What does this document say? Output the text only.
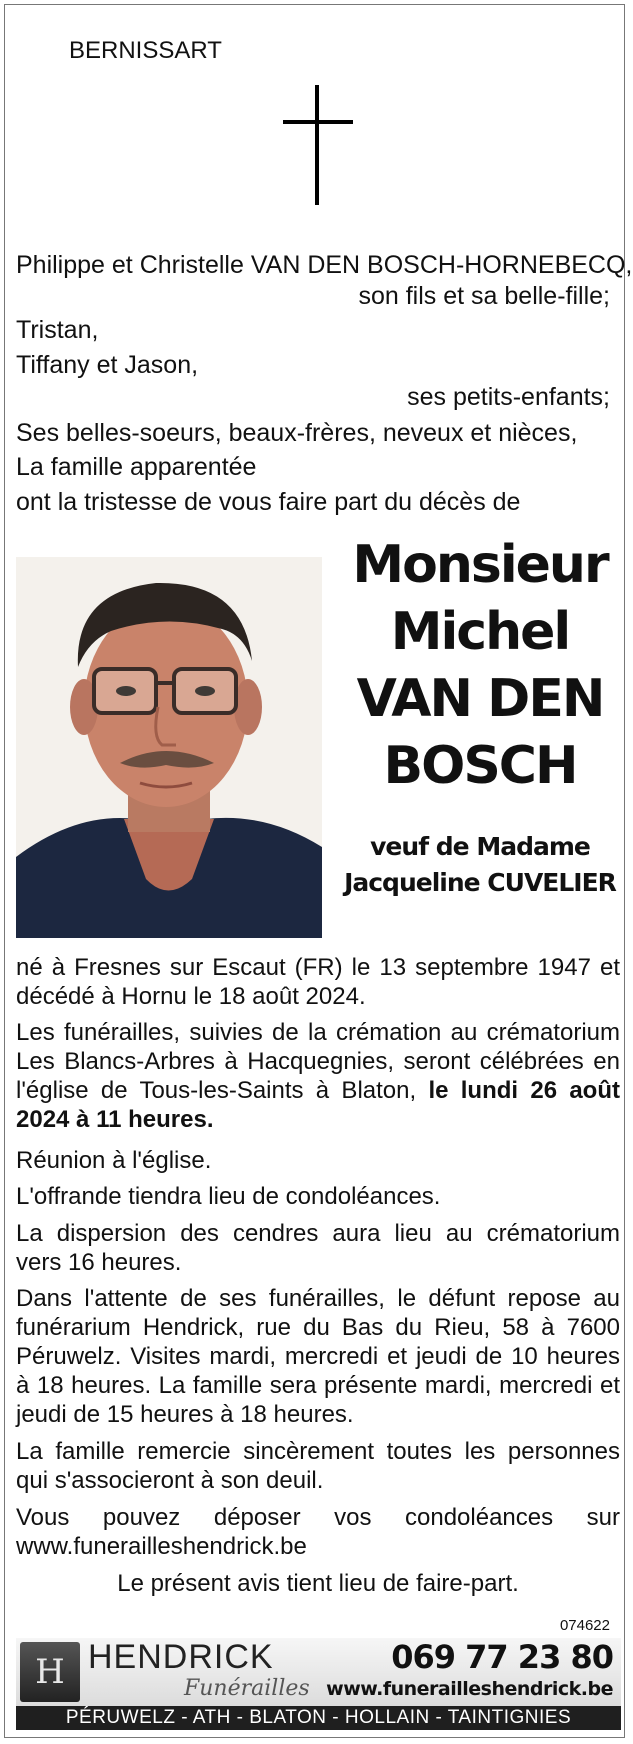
BERNISSART
Philippe et Christelle VAN DEN BOSCH-HORNEBECQ,
son fils et sa belle-fille;
Tristan,
Tiffany et Jason,
ses petits-enfants;
Ses belles-soeurs, beaux-frères, neveux et nièces,
La famille apparentée
ont la tristesse de vous faire part du décès de
Monsieur
Michel
VAN DEN
BOSCH
veuf de Madame
Jacqueline CUVELIER
né à Fresnes sur Escaut (FR) le 13 septembre 1947 et décédé à Hornu le 18 août 2024.
Les funérailles, suivies de la crémation au crématorium Les Blancs-Arbres à Hacquegnies, seront célébrées en l'église de Tous-les-Saints à Blaton, le lundi 26 août 2024 à 11 heures.
Réunion à l'église.
L'offrande tiendra lieu de condoléances.
La dispersion des cendres aura lieu au crématorium vers 16 heures.
Dans l'attente de ses funérailles, le défunt repose au funérarium Hendrick, rue du Bas du Rieu, 58 à 7600 Péruwelz. Visites mardi, mercredi et jeudi de 10 heures à 18 heures. La famille sera présente mardi, mercredi et jeudi de 15 heures à 18 heures.
La famille remercie sincèrement toutes les personnes qui s'associeront à son deuil.
Vous pouvez déposer vos condoléances sur www.funerailleshendrick.be
Le présent avis tient lieu de faire-part.
074622
H HENDRICK
Funérailles
069 77 23 80
www.funerailleshendrick.be
PÉRUWELZ - ATH - BLATON - HOLLAIN - TAINTIGNIES
